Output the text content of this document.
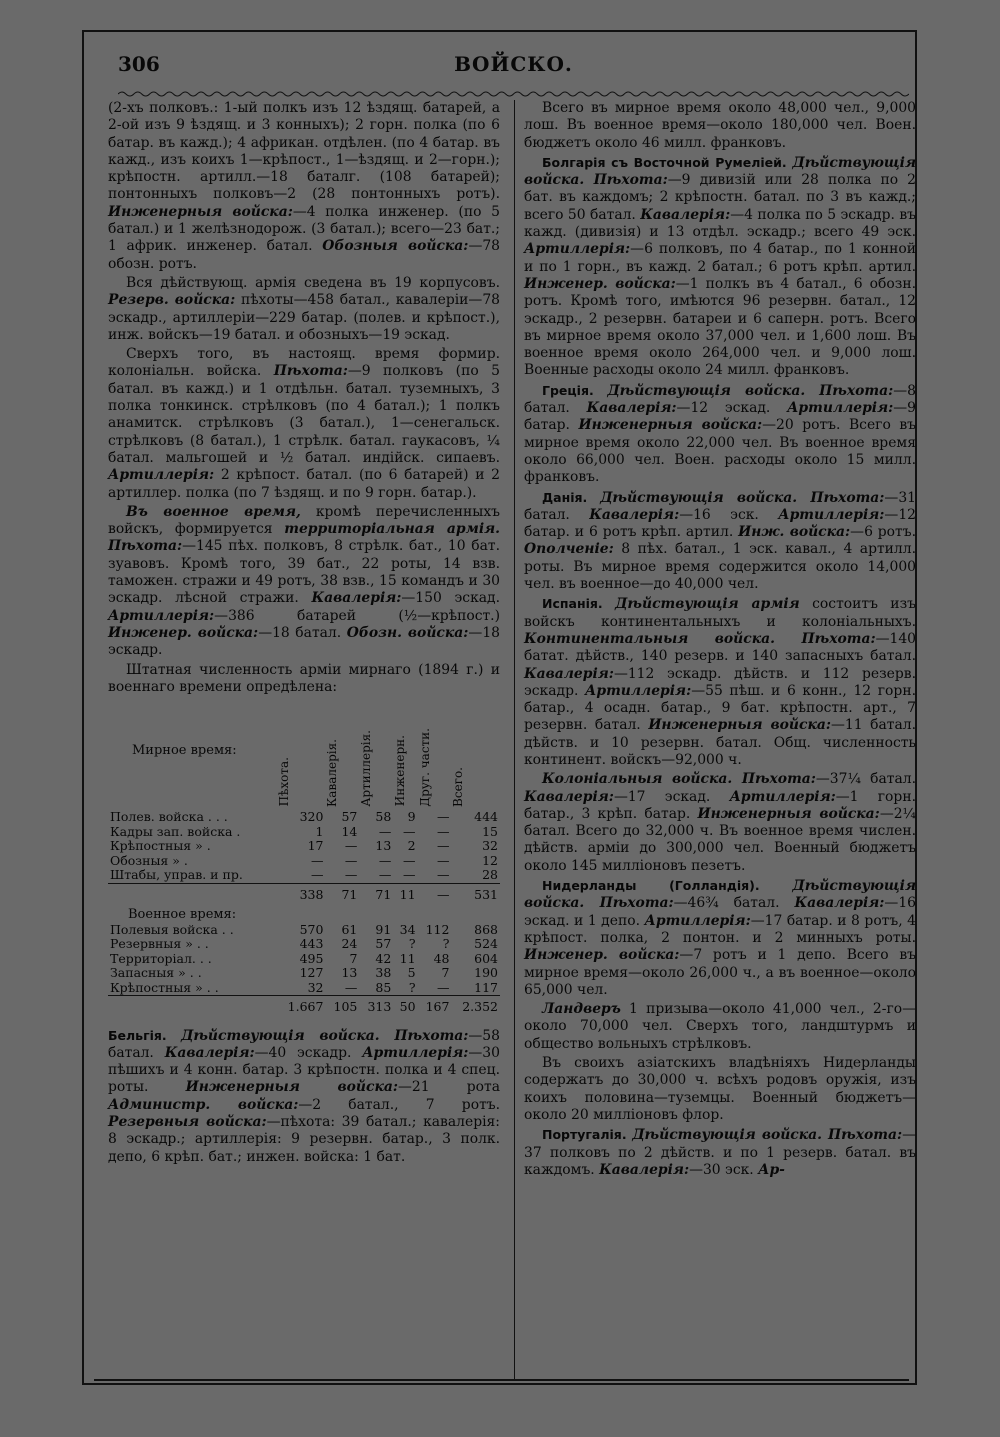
306	ВОЙСКО.

(2-хъ полковъ.: 1-ый полкъ изъ 12 ѣздящ. батарей, а 2-ой изъ 9 ѣздящ. и 3 конныхъ); 2 горн. полка (по 6 батар. въ кажд.); 4 африкан. отдѣлен. (по 4 батар. въ кажд., изъ коихъ 1—крѣпост., 1—ѣздящ. и 2—горн.); крѣпостн. артилл.—18 баталг. (108 батарей); понтонныхъ полковъ—2 (28 понтонныхъ ротъ). Инженерныя войска:—4 полка инженер. (по 5 батал.) и 1 желѣзнодорож. (3 батал.); всего—23 бат.; 1 африк. инженер. батал. Обозныя войска:—78 обозн. ротъ.

Вся дѣйствующ. армія сведена въ 19 корпусовъ. Резерв. войска: пѣхоты—458 батал., кавалеріи—78 эскадр., артиллеріи—229 батар. (полев. и крѣпост.), инж. войскъ—19 батал. и обозныхъ—19 эскад.

Сверхъ того, въ настоящ. время формир. колоніальн. войска. Пѣхота:—9 полковъ (по 5 батал. въ кажд.) и 1 отдѣльн. батал. туземныхъ, 3 полка тонкинск. стрѣлковъ (по 4 батал.); 1 полкъ анамитск. стрѣлковъ (3 батал.), 1—сенегальск. стрѣлковъ (8 батал.), 1 стрѣлк. батал. гаукасовъ, ¼ батал. мальгошей и ½ батал. индійск. сипаевъ. Артиллерія: 2 крѣпост. батал. (по 6 батарей) и 2 артиллер. полка (по 7 ѣздящ. и по 9 горн. батар.).

Въ военное время, кромѣ перечисленныхъ войскъ, формируется территоріальная армія. Пѣхота:—145 пѣх. полковъ, 8 стрѣлк. бат., 10 бат. зуавовъ. Кромѣ того, 39 бат., 22 роты, 14 взв. таможен. стражи и 49 ротъ, 38 взв., 15 командъ и 30 эскадр. лѣсной стражи. Кавалерія:—150 эскад. Артиллерія:—386 батарей (½—крѣпост.) Инженер. войска:—18 батал. Обозн. войска:—18 эскадр.

Штатная численность арміи мирнаго (1894 г.) и военнаго времени опредѣлена:

Мирное время:	Пѣхота.	Кавалерія.	Артиллерія.	Инженерн.	Друг. части.	Всего.
Полев. войска . . .	320	57	58	9	—	444
Кадры зап. войска .	1	14	—	—	—	15
Крѣпостныя » .	17	—	13	2	—	32
Обозныя » .	—	—	—	—	—	12
Штабы, управ. и пр.	—	—	—	—	—	28
	338	71	71	11	—	531
Военное время:						
Полевыя войска . .	570	61	91	34	112	868
Резервныя » . .	443	24	57	?	?	524
Территоріал. . .	495	7	42	11	48	604
Запасныя » . .	127	13	38	5	7	190
Крѣпостныя » . .	32	—	85	?	—	117
	1.667	105	313	50	167	2.352

Бельгія. Дѣйствующія войска. Пѣхота:—58 батал. Кавалерія:—40 эскадр. Артиллерія:—30 пѣшихъ и 4 конн. батар. 3 крѣпостн. полка и 4 спец. роты.	Инженерныя войска:—21 рота Администр. войска:—2 батал., 7 ротъ. Резервныя войска:—пѣхота: 39 батал.; кавалерія: 8 эскадр.; артиллерія: 9 резервн. батар., 3 полк. депо, 6 крѣп. бат.; инжен. войска: 1 бат.

Всего въ мирное время около 48,000 чел., 9,000 лош. Въ военное время—около 180,000 чел. Воен. бюджетъ около 46 милл. франковъ.

Болгарія съ Восточной Румеліей. Дѣйствующія войска. Пѣхота:—9 дивизій или 28 полка по 2 бат. въ каждомъ; 2 крѣпостн. батал. по 3 въ кажд.; всего 50 батал. Кавалерія:—4 полка по 5 эскадр. въ кажд. (дивизія) и 13 отдѣл. эскадр.; всего 49 эск. Артиллерія:—6 полковъ, по 4 батар., по 1 конной и по 1 горн., въ кажд. 2 батал.; 6 ротъ крѣп. артил. Инженер. войска:—1 полкъ въ 4 батал., 6 обозн. ротъ. Кромѣ того, имѣются 96 резервн. батал., 12 эскадр., 2 резервн. батареи и 6 саперн. ротъ. Всего въ мирное время около 37,000 чел. и 1,600 лош. Въ военное время около 264,000 чел. и 9,000 лош. Военные расходы около 24 милл. франковъ.

Греція. Дѣйствующія войска. Пѣхота:—8 батал. Кавалерія:—12 эскад. Артиллерія:—9 батар. Инженерныя войска:—20 ротъ. Всего въ мирное время около 22,000 чел. Въ военное время около 66,000 чел. Воен. расходы около 15 милл. франковъ.

Данія. Дѣйствующія войска. Пѣхота:—31 батал. Кавалерія:—16 эск. Артиллерія:—12 батар. и 6 ротъ крѣп. артил. Инж. войска:—6 ротъ. Ополченіе: 8 пѣх. батал., 1 эск. кавал., 4 артилл. роты. Въ мирное время содержится около 14,000 чел. въ военное—до 40,000 чел.

Испанія. Дѣйствующія армія состоитъ изъ войскъ континентальныхъ и колоніальныхъ. Континентальныя войска. Пѣхота:—140 батат. дѣйств., 140 резерв. и 140 запасныхъ батал. Кавалерія:—112 эскадр. дѣйств. и 112 резерв. эскадр. Артиллерія:—55 пѣш. и 6 конн., 12 горн. батар., 4 осадн. батар., 9 бат. крѣпостн. арт., 7 резервн. батал. Инженерныя войска:—11 батал. дѣйств. и 10 резервн. батал. Общ. численность континент. войскъ—92,000 ч.

Колоніальныя войска. Пѣхота:—37¼ батал. Кавалерія:—17 эскад. Артиллерія:—1 горн. батар., 3 крѣп. батар. Инженерныя войска:—2¼ батал. Всего до 32,000 ч. Въ военное время числен. дѣйств. арміи до 300,000 чел. Военный бюджетъ около 145 милліоновъ пезетъ.

Нидерланды (Голландія). Дѣйствующія войска. Пѣхота:—46¾ батал. Кавалерія:—16 эскад. и 1 депо. Артиллерія:—17 батар. и 8 ротъ, 4 крѣпост. полка, 2 понтон. и 2 минныхъ роты. Инженер. войска:—7 ротъ и 1 депо. Всего въ мирное время—около 26,000 ч., а въ военное—около 65,000 чел.

Ландверъ 1 призыва—около 41,000 чел., 2-го—около 70,000 чел. Сверхъ того, ландштурмъ и общество вольныхъ стрѣлковъ.

Въ своихъ азіатскихъ владѣніяхъ Нидерланды содержатъ до 30,000 ч. всѣхъ родовъ оружія, изъ коихъ половина—туземцы. Военный бюджетъ—около 20 милліоновъ флор.

Португалія. Дѣйствующія войска. Пѣхота:—37 полковъ по 2 дѣйств. и по 1 резерв. батал. въ каждомъ. Кавалерія:—30 эск. Ар-
